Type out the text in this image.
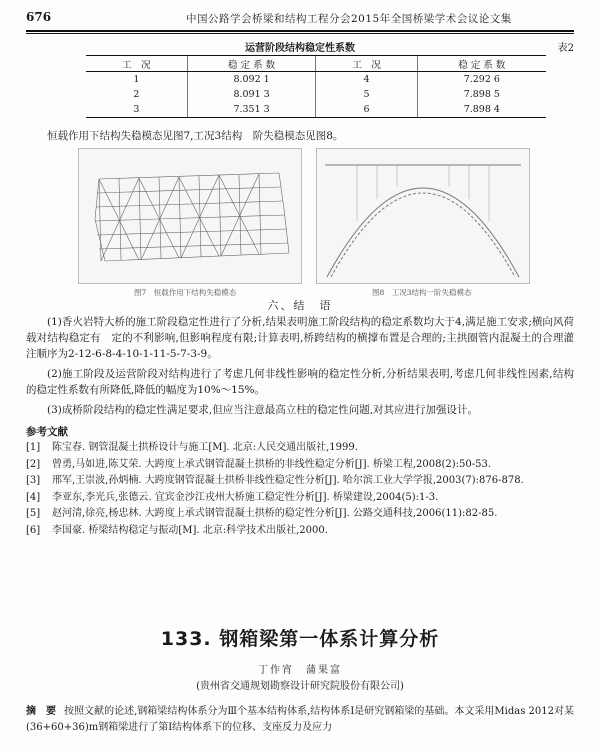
676	中国公路学会桥梁和结构工程分会2015年全国桥梁学术会议论文集
运营阶段结构稳定性系数	表2
工　况	稳 定 系 数	工　况	稳 定 系 数
1	8.092 1	4	7.292 6
2	8.091 3	5	7.898 5
3	7.351 3	6	7.898 4
恒载作用下结构失稳模态见图7,工况3结构　阶失稳模态见图8。
图7　恒载作用下结构失稳模态	图8　工况3结构一阶失稳模态
六、结　语
(1)香火岩特大桥的施工阶段稳定性进行了分析,结果表明施工阶段结构的稳定系数均大于4,满足施工安求;横向风荷载对结构稳定有　定的不利影响,但影响程度有限;计算表明,桥跨结构的横撑布置是合理的;主拱圈管内混凝土的合理灌注顺序为2-12-6-8-4-10-1-11-5-7-3-9。
(2)施工阶段及运营阶段对结构进行了考虑几何非线性影响的稳定性分析,分析结果表明,考虑几何非线性因素,结构的稳定性系数有所降低,降低的幅度为10%～15%。
(3)成桥阶段结构的稳定性满足要求,但应当注意最高立柱的稳定性问题,对其应进行加强设计。
参考文献
[1] 陈宝春. 钢管混凝土拱桥设计与施工[M]. 北京:人民交通出版社,1999.
[2] 曾勇,马如进,陈艾荣. 大跨度上承式钢管混凝土拱桥的非线性稳定分析[J]. 桥梁工程,2008(2):50-53.
[3] 邢军,王崇波,孙炳楠. 大跨度钢管混凝土拱桥非线性稳定性分析[J]. 哈尔滨工业大学学报,2003(7):876-878.
[4] 李亚东,李光兵,张德云. 宜宾金沙江戎州大桥施工稳定性分析[J]. 桥梁建设,2004(5):1-3.
[5] 赵河清,徐亮,杨忠林. 大跨度上承式钢管混凝土拱桥的稳定性分析[J]. 公路交通科技,2006(11):82-85.
[6] 李国豪. 桥梁结构稳定与振动[M]. 北京:科学技术出版社,2000.
133. 钢箱梁第一体系计算分析
丁作宵　蒲果富
(贵州省交通规划勘察设计研究院股份有限公司)
摘　要 按照文献的论述,钢箱梁结构体系分为Ⅲ个基本结构体系,结构体系Ⅰ是研究钢箱梁的基础。本文采用Midas 2012对某(36+60+36)m钢箱梁进行了第Ⅰ结构体系下的位移、支座反力及应力
